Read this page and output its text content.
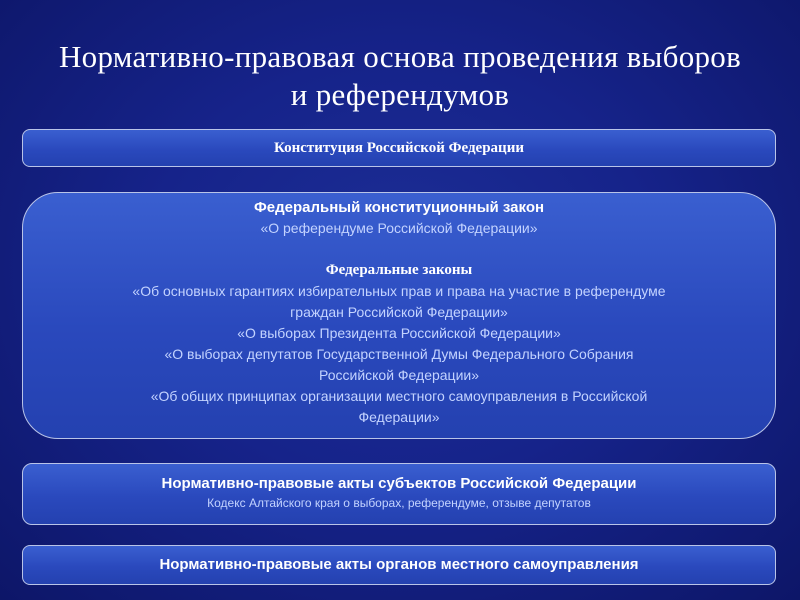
Нормативно-правовая основа проведения выборов
и референдумов
Конституция Российской Федерации
Федеральный конституционный закон
«О референдуме Российской Федерации»
Федеральные законы
«Об основных гарантиях избирательных прав и права на участие в референдуме
граждан Российской Федерации»
«О выборах Президента Российской Федерации»
«О выборах депутатов Государственной Думы Федерального Собрания
Российской Федерации»
«Об общих принципах организации местного самоуправления в Российской
Федерации»
Нормативно-правовые акты субъектов Российской Федерации
Кодекс Алтайского края о выборах, референдуме, отзыве депутатов
Нормативно-правовые акты органов местного самоуправления
